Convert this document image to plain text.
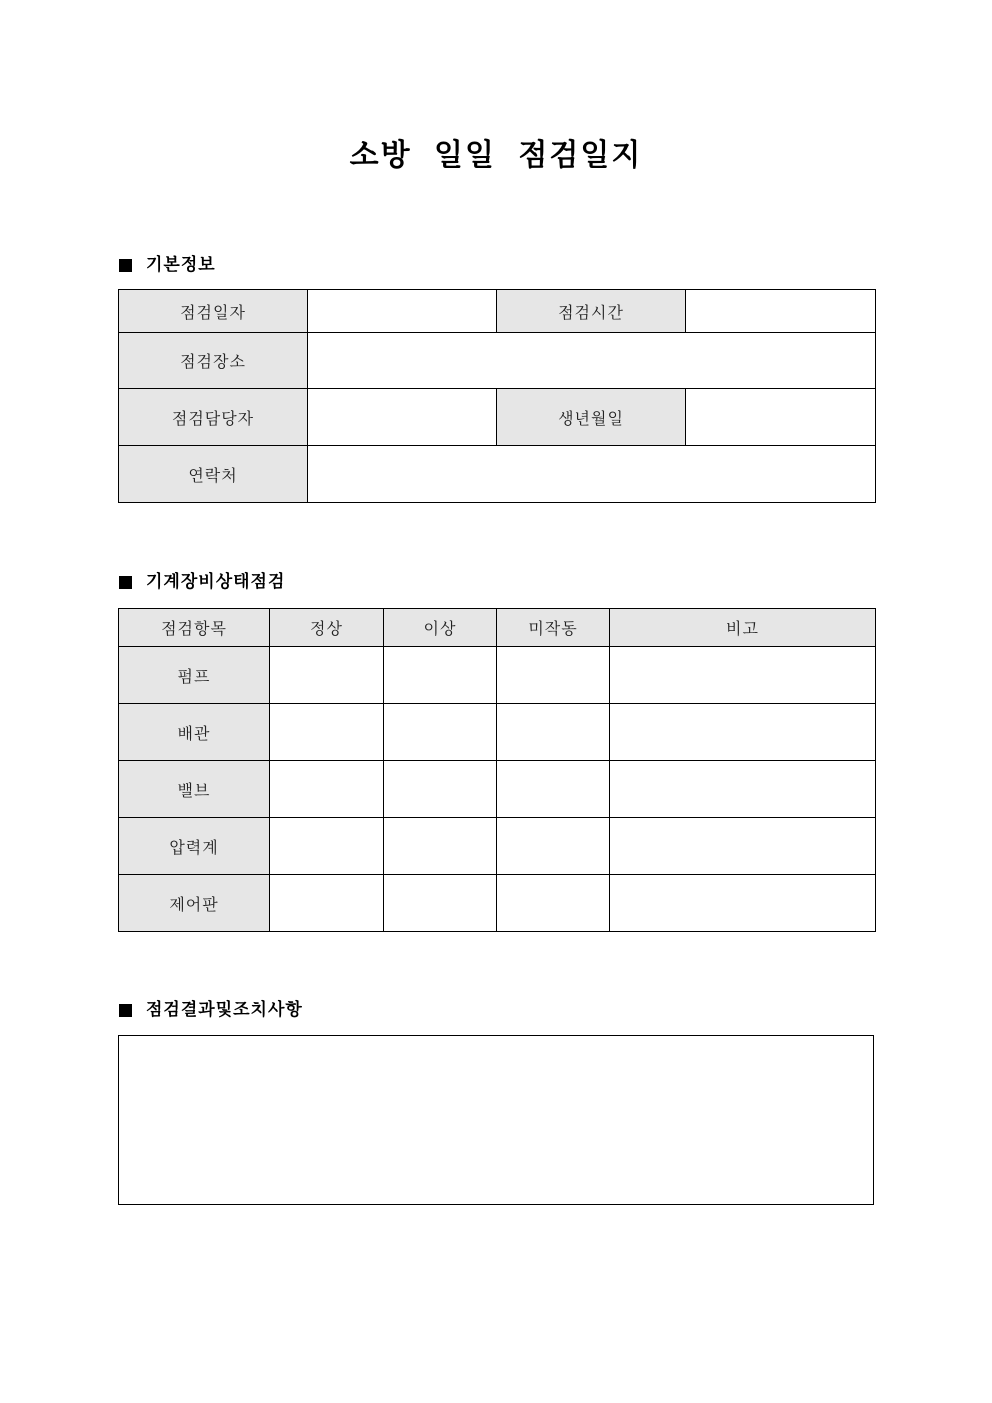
소방 일일 점검일지
기본정보
점검일자		점검시간	
점검장소			
점검담당자		생년월일	
연락처			
기계장비상태점검
점검항목	정상	이상	미작동	비고
펌프				
배관				
밸브				
압력계				
제어판				
점검결과및조치사항
